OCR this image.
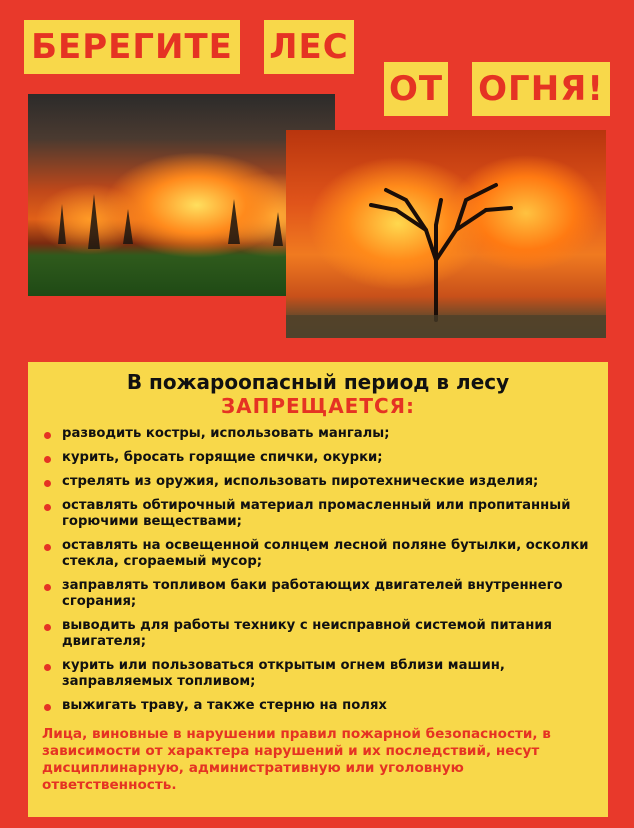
БЕРЕГИТЕ ЛЕС
ОТ ОГНЯ!
В пожароопасный период в лесу
ЗАПРЕЩАЕТСЯ:
разводить костры, использовать мангалы;
курить, бросать горящие спички, окурки;
стрелять из оружия, использовать пиротехнические изделия;
оставлять обтирочный материал промасленный или пропитанный горючими веществами;
оставлять на освещенной солнцем лесной поляне бутылки, осколки стекла, сгораемый мусор;
заправлять топливом баки работающих двигателей внутреннего сгорания;
выводить для работы технику с неисправной системой питания двигателя;
курить или пользоваться открытым огнем вблизи машин, заправляемых топливом;
выжигать траву, а также стерню на полях
Лица, виновные в нарушении правил пожарной безопасности, в зависимости от характера нарушений и их последствий, несут дисциплинарную, административную или уголовную ответственность.
